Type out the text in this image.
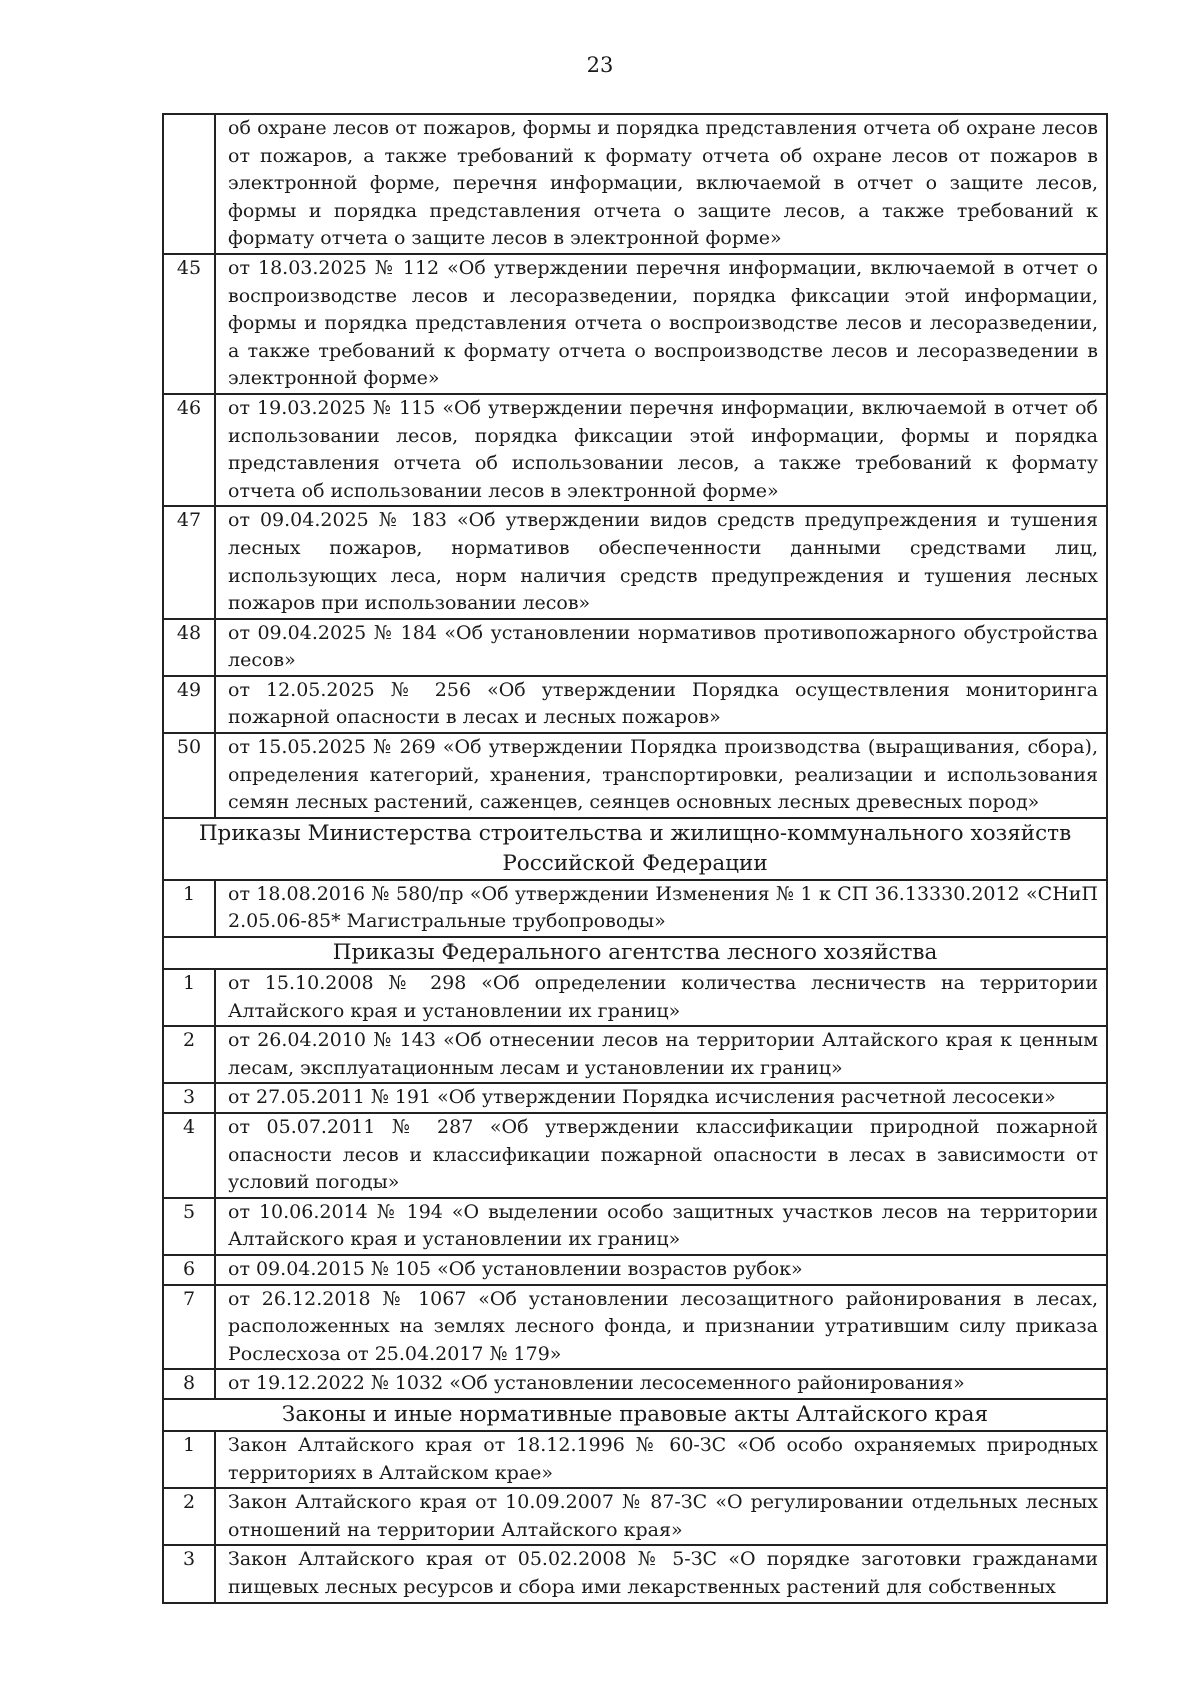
23
	об охране лесов от пожаров, формы и порядка представления отчета об охране лесов от пожаров, а также требований к формату отчета об охране лесов от пожаров в электронной форме, перечня информации, включаемой в отчет о защите лесов, формы и порядка представления отчета о защите лесов, а также требований к формату отчета о защите лесов в электронной форме»
45	от 18.03.2025 № 112 «Об утверждении перечня информации, включаемой в отчет о воспроизводстве лесов и лесоразведении, порядка фиксации этой информации, формы и порядка представления отчета о воспроизводстве лесов и лесоразведении, а также требований к формату отчета о воспроизводстве лесов и лесоразведении в электронной форме»
46	от 19.03.2025 № 115 «Об утверждении перечня информации, включаемой в отчет об использовании лесов, порядка фиксации этой информации, формы и порядка представления отчета об использовании лесов, а также требований к формату отчета об использовании лесов в электронной форме»
47	от 09.04.2025 № 183 «Об утверждении видов средств предупреждения и тушения лесных пожаров, нормативов обеспеченности данными средствами лиц, использующих леса, норм наличия средств предупреждения и тушения лесных пожаров при использовании лесов»
48	от 09.04.2025 № 184 «Об установлении нормативов противопожарного обустройства лесов»
49	от 12.05.2025 № 256 «Об утверждении Порядка осуществления мониторинга пожарной опасности в лесах и лесных пожаров»
50	от 15.05.2025 № 269 «Об утверждении Порядка производства (выращивания, сбора), определения категорий, хранения, транспортировки, реализации и использования семян лесных растений, саженцев, сеянцев основных лесных древесных пород»
Приказы Министерства строительства и жилищно-коммунального хозяйств Российской Федерации	
1	от 18.08.2016 № 580/пр «Об утверждении Изменения № 1 к СП 36.13330.2012 «СНиП 2.05.06-85* Магистральные трубопроводы»
Приказы Федерального агентства лесного хозяйства	
1	от 15.10.2008 № 298 «Об определении количества лесничеств на территории Алтайского края и установлении их границ»
2	от 26.04.2010 № 143 «Об отнесении лесов на территории Алтайского края к ценным лесам, эксплуатационным лесам и установлении их границ»
3	от 27.05.2011 № 191 «Об утверждении Порядка исчисления расчетной лесосеки»
4	от 05.07.2011 № 287 «Об утверждении классификации природной пожарной опасности лесов и классификации пожарной опасности в лесах в зависимости от условий погоды»
5	от 10.06.2014 № 194 «О выделении особо защитных участков лесов на территории Алтайского края и установлении их границ»
6	от 09.04.2015 № 105 «Об установлении возрастов рубок»
7	от 26.12.2018 № 1067 «Об установлении лесозащитного районирования в лесах, расположенных на землях лесного фонда, и признании утратившим силу приказа Рослесхоза от 25.04.2017 № 179»
8	от 19.12.2022 № 1032 «Об установлении лесосеменного районирования»
Законы и иные нормативные правовые акты Алтайского края	
1	Закон Алтайского края от 18.12.1996 № 60-ЗС «Об особо охраняемых природных территориях в Алтайском крае»
2	Закон Алтайского края от 10.09.2007 № 87-ЗС «О регулировании отдельных лесных отношений на территории Алтайского края»
3	Закон Алтайского края от 05.02.2008 № 5-ЗС «О порядке заготовки гражданами пищевых лесных ресурсов и сбора ими лекарственных растений для собственных
